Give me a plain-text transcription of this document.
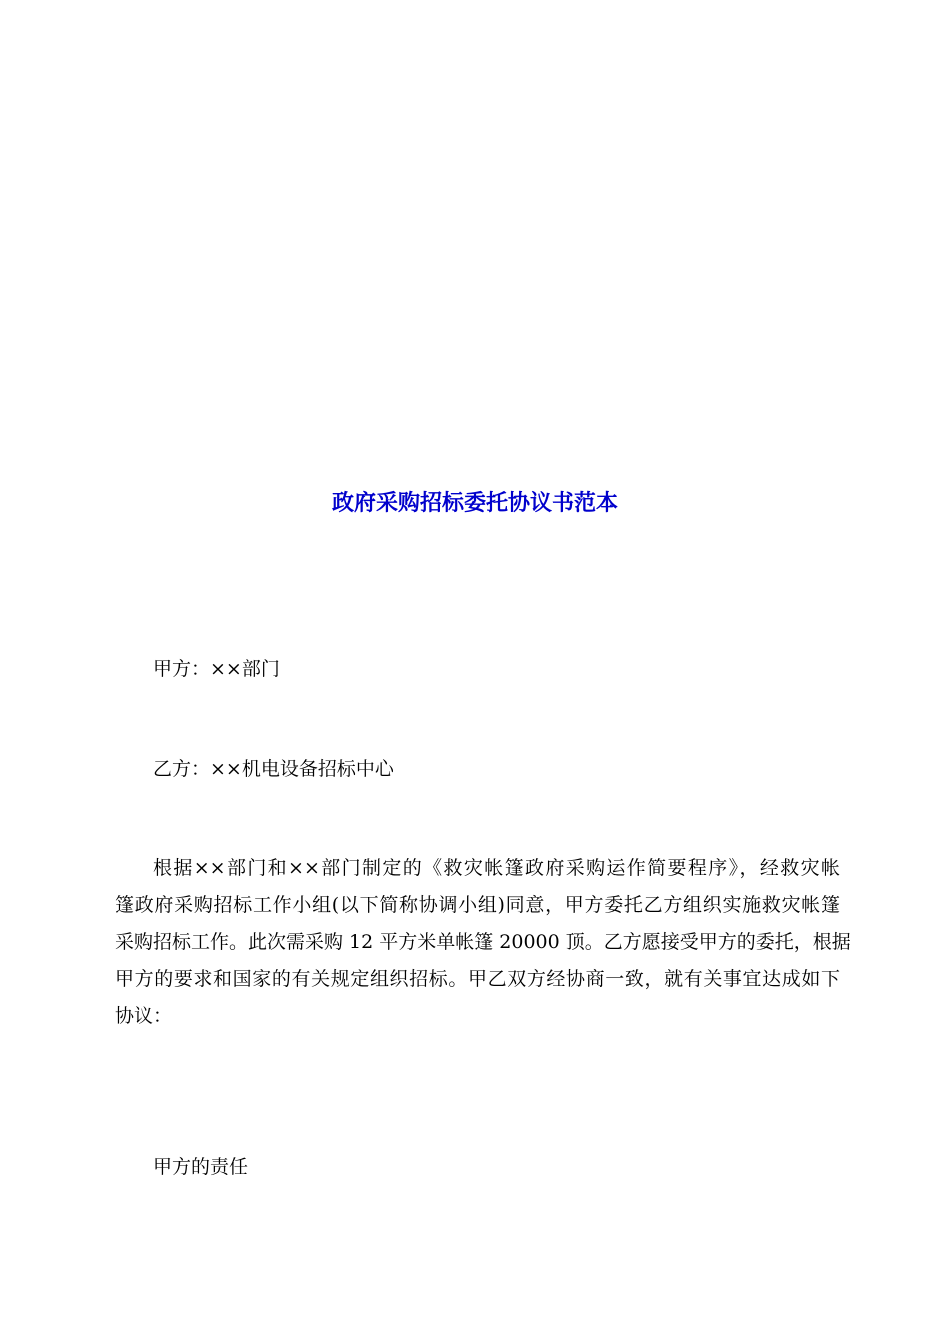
政府采购招标委托协议书范本
甲方：××部门
乙方：××机电设备招标中心
根据××部门和××部门制定的《救灾帐篷政府采购运作简要程序》，经救灾帐
篷政府采购招标工作小组(以下简称协调小组)同意，甲方委托乙方组织实施救灾帐篷
采购招标工作。此次需采购 12 平方米单帐篷 20000 顶。乙方愿接受甲方的委托，根据
甲方的要求和国家的有关规定组织招标。甲乙双方经协商一致，就有关事宜达成如下
协议：
甲方的责任
